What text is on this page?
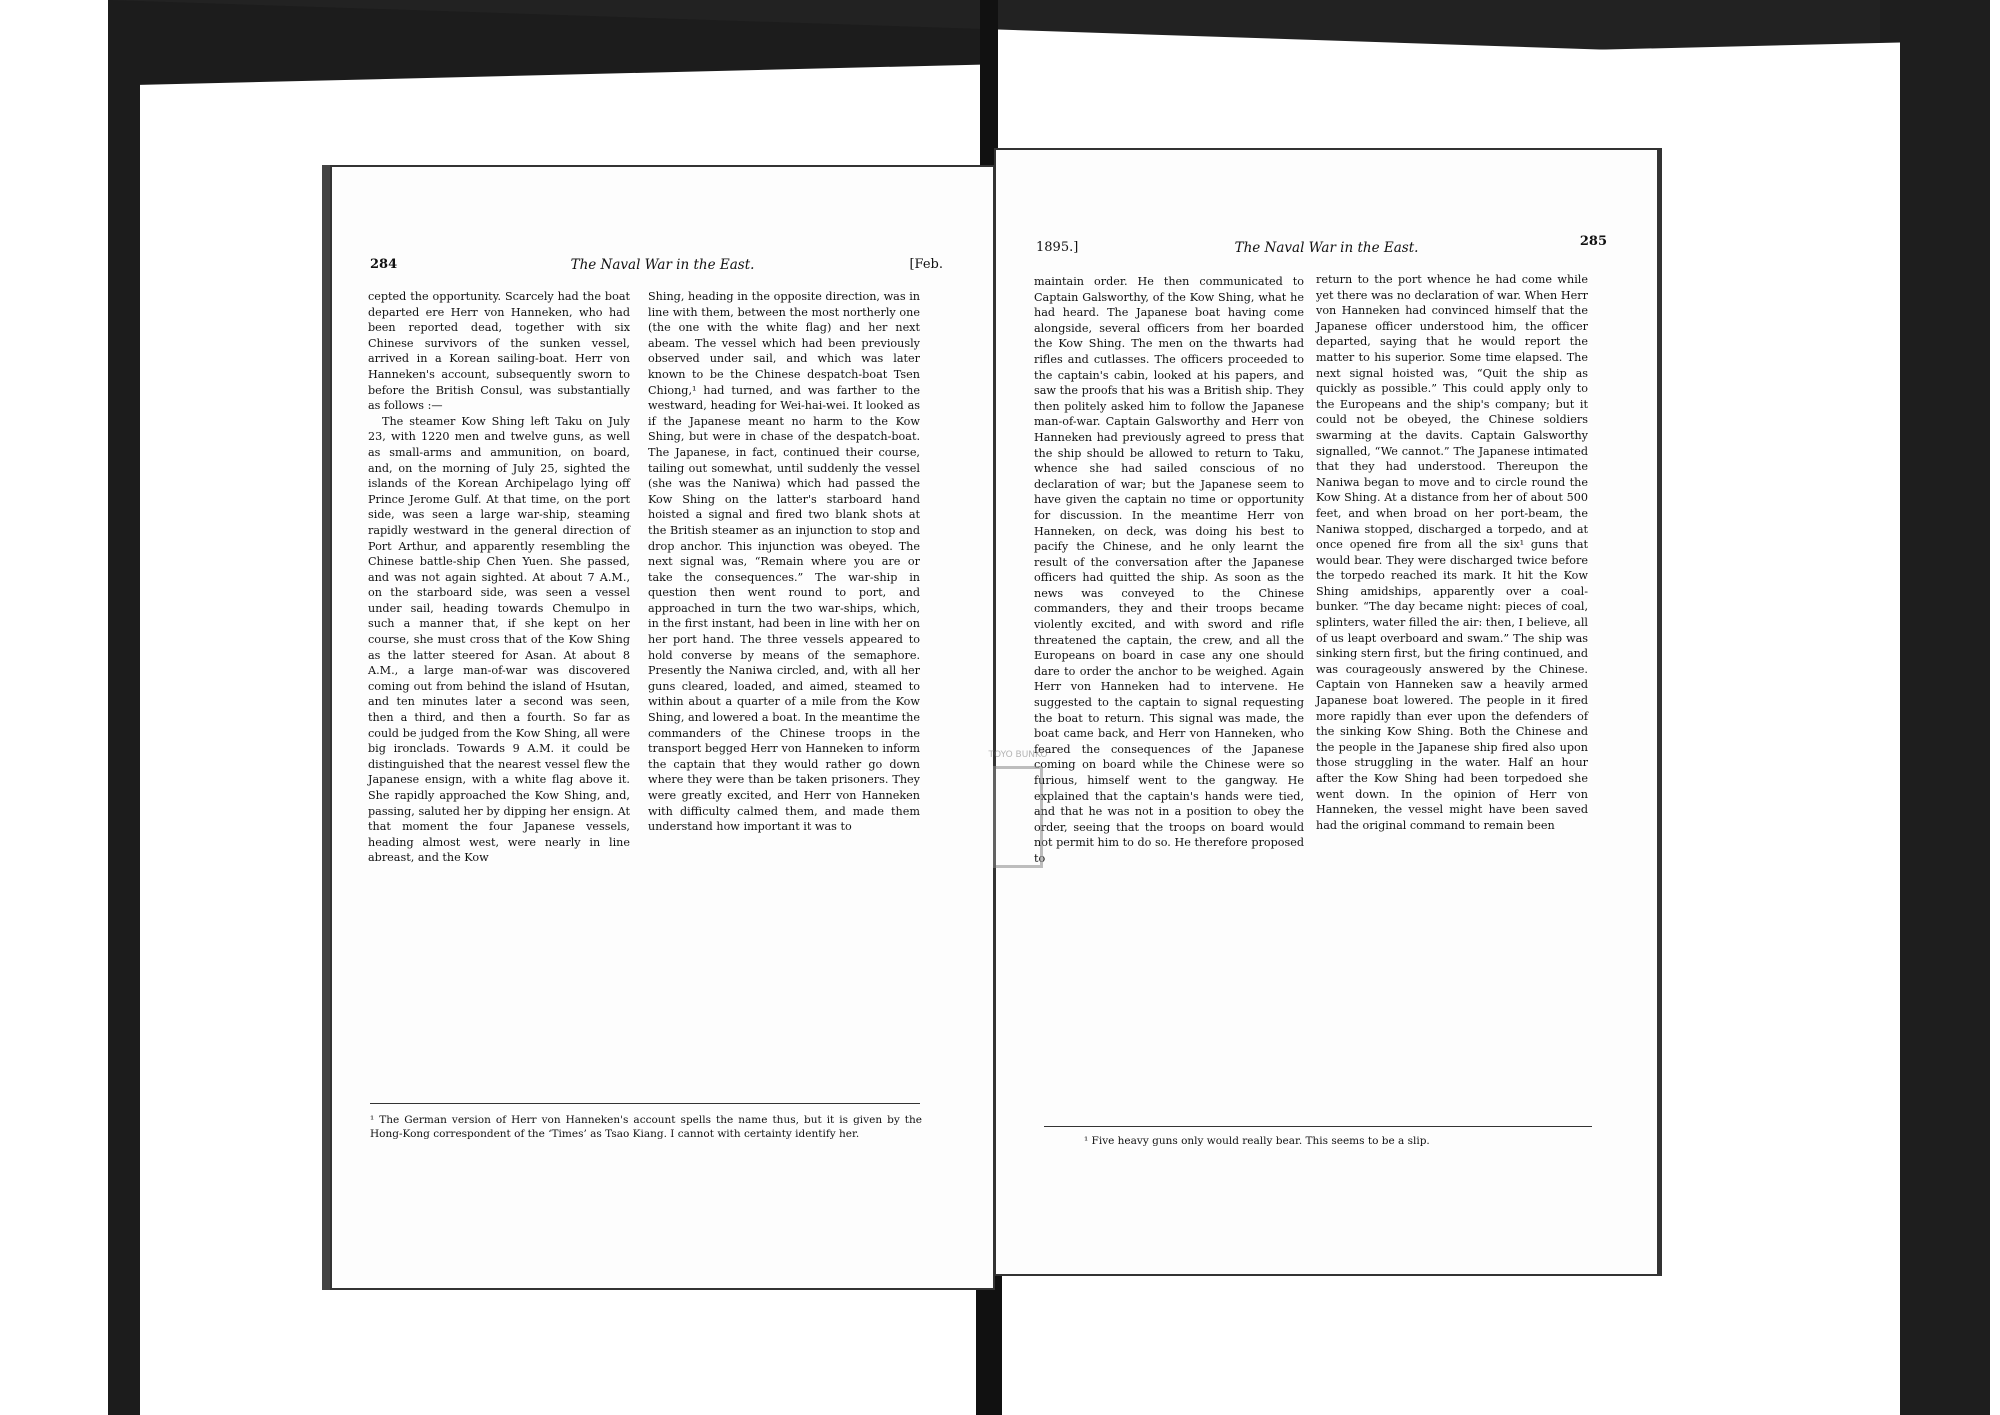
284	The Naval War in the East.	[Feb.

cepted the opportunity. Scarcely had the boat departed ere Herr von Hanneken, who had been reported dead, together with six Chinese survivors of the sunken vessel, arrived in a Korean sailing-boat. Herr von Hanneken's account, subsequently sworn to before the British Consul, was substantially as follows :—

The steamer Kow Shing left Taku on July 23, with 1220 men and twelve guns, as well as small-arms and ammunition, on board, and, on the morning of July 25, sighted the islands of the Korean Archipelago lying off Prince Jerome Gulf. At that time, on the port side, was seen a large war-ship, steaming rapidly westward in the general direction of Port Arthur, and apparently resembling the Chinese battle-ship Chen Yuen. She passed, and was not again sighted. At about 7 A.M., on the starboard side, was seen a vessel under sail, heading towards Chemulpo in such a manner that, if she kept on her course, she must cross that of the Kow Shing as the latter steered for Asan. At about 8 A.M., a large man-of-war was discovered coming out from behind the island of Hsutan, and ten minutes later a second was seen, then a third, and then a fourth. So far as could be judged from the Kow Shing, all were big ironclads. Towards 9 A.M. it could be distinguished that the nearest vessel flew the Japanese ensign, with a white flag above it. She rapidly approached the Kow Shing, and, passing, saluted her by dipping her ensign. At that moment the four Japanese vessels, heading almost west, were nearly in line abreast, and the Kow

Shing, heading in the opposite direction, was in line with them, between the most northerly one (the one with the white flag) and her next abeam. The vessel which had been previously observed under sail, and which was later known to be the Chinese despatch-boat Tsen Chiong,¹ had turned, and was farther to the westward, heading for Wei-hai-wei. It looked as if the Japanese meant no harm to the Kow Shing, but were in chase of the despatch-boat. The Japanese, in fact, continued their course, tailing out somewhat, until suddenly the vessel (she was the Naniwa) which had passed the Kow Shing on the latter's starboard hand hoisted a signal and fired two blank shots at the British steamer as an injunction to stop and drop anchor. This injunction was obeyed. The next signal was, “Remain where you are or take the consequences.” The war-ship in question then went round to port, and approached in turn the two war-ships, which, in the first instant, had been in line with her on her port hand. The three vessels appeared to hold converse by means of the semaphore. Presently the Naniwa circled, and, with all her guns cleared, loaded, and aimed, steamed to within about a quarter of a mile from the Kow Shing, and lowered a boat. In the meantime the commanders of the Chinese troops in the transport begged Herr von Hanneken to inform the captain that they would rather go down where they were than be taken prisoners. They were greatly excited, and Herr von Hanneken with difficulty calmed them, and made them understand how important it was to

¹ The German version of Herr von Hanneken's account spells the name thus, but it is given by the Hong-Kong correspondent of the ‘Times’ as Tsao Kiang. I cannot with certainty identify her.
1895.]	The Naval War in the East.	285

maintain order. He then communicated to Captain Galsworthy, of the Kow Shing, what he had heard. The Japanese boat having come alongside, several officers from her boarded the Kow Shing. The men on the thwarts had rifles and cutlasses. The officers proceeded to the captain's cabin, looked at his papers, and saw the proofs that his was a British ship. They then politely asked him to follow the Japanese man-of-war. Captain Galsworthy and Herr von Hanneken had previously agreed to press that the ship should be allowed to return to Taku, whence she had sailed conscious of no declaration of war; but the Japanese seem to have given the captain no time or opportunity for discussion. In the meantime Herr von Hanneken, on deck, was doing his best to pacify the Chinese, and he only learnt the result of the conversation after the Japanese officers had quitted the ship. As soon as the news was conveyed to the Chinese commanders, they and their troops became violently excited, and with sword and rifle threatened the captain, the crew, and all the Europeans on board in case any one should dare to order the anchor to be weighed. Again Herr von Hanneken had to intervene. He suggested to the captain to signal requesting the boat to return. This signal was made, the boat came back, and Herr von Hanneken, who feared the consequences of the Japanese coming on board while the Chinese were so furious, himself went to the gangway. He explained that the captain's hands were tied, and that he was not in a position to obey the order, seeing that the troops on board would not permit him to do so. He therefore proposed to

return to the port whence he had come while yet there was no declaration of war. When Herr von Hanneken had convinced himself that the Japanese officer understood him, the officer departed, saying that he would report the matter to his superior. Some time elapsed. The next signal hoisted was, “Quit the ship as quickly as possible.” This could apply only to the Europeans and the ship's company; but it could not be obeyed, the Chinese soldiers swarming at the davits. Captain Galsworthy signalled, “We cannot.” The Japanese intimated that they had understood. Thereupon the Naniwa began to move and to circle round the Kow Shing. At a distance from her of about 500 feet, and when broad on her port-beam, the Naniwa stopped, discharged a torpedo, and at once opened fire from all the six¹ guns that would bear. They were discharged twice before the torpedo reached its mark. It hit the Kow Shing amidships, apparently over a coal-bunker. “The day became night: pieces of coal, splinters, water filled the air: then, I believe, all of us leapt overboard and swam.” The ship was sinking stern first, but the firing continued, and was courageously answered by the Chinese. Captain von Hanneken saw a heavily armed Japanese boat lowered. The people in it fired more rapidly than ever upon the defenders of the sinking Kow Shing. Both the Chinese and the people in the Japanese ship fired also upon those struggling in the water. Half an hour after the Kow Shing had been torpedoed she went down. In the opinion of Herr von Hanneken, the vessel might have been saved had the original command to remain been

¹ Five heavy guns only would really bear. This seems to be a slip.
TOYO BUNKO
